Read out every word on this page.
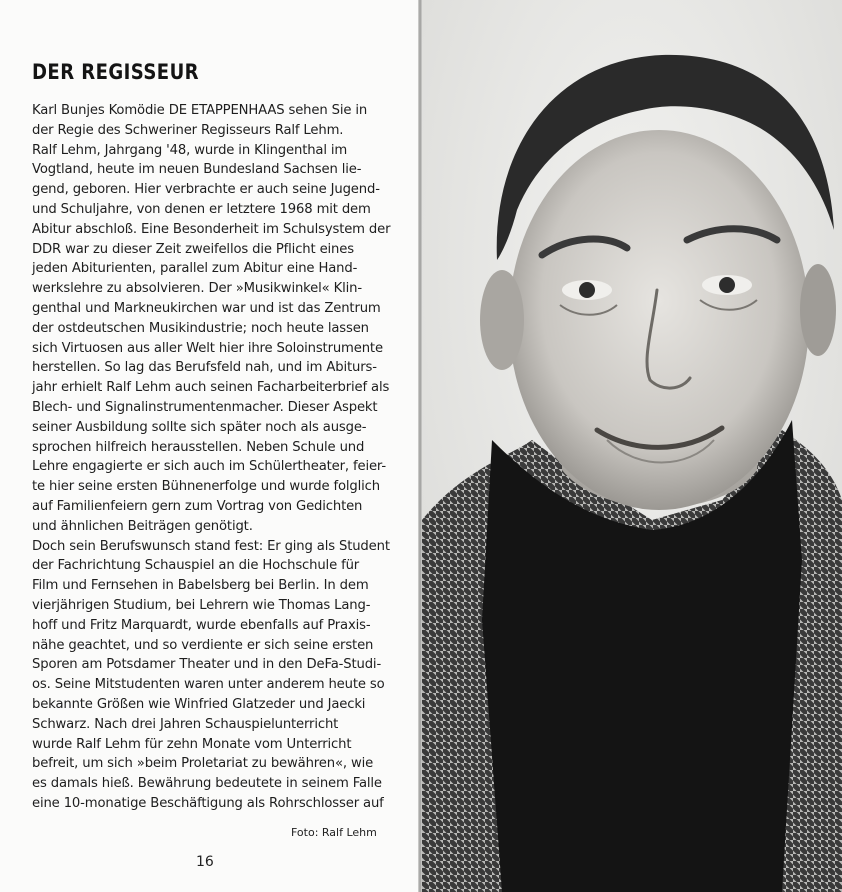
DER REGISSEUR
Karl Bunjes Komödie DE ETAPPENHAAS sehen Sie in
der Regie des Schweriner Regisseurs Ralf Lehm.
Ralf Lehm, Jahrgang '48, wurde in Klingenthal im
Vogtland, heute im neuen Bundesland Sachsen lie-
gend, geboren. Hier verbrachte er auch seine Jugend-
und Schuljahre, von denen er letztere 1968 mit dem
Abitur abschloß. Eine Besonderheit im Schulsystem der
DDR war zu dieser Zeit zweifellos die Pflicht eines
jeden Abiturienten, parallel zum Abitur eine Hand-
werkslehre zu absolvieren. Der »Musikwinkel« Klin-
genthal und Markneukirchen war und ist das Zentrum
der ostdeutschen Musikindustrie; noch heute lassen
sich Virtuosen aus aller Welt hier ihre Soloinstrumente
herstellen. So lag das Berufsfeld nah, und im Abiturs-
jahr erhielt Ralf Lehm auch seinen Facharbeiterbrief als
Blech- und Signalinstrumentenmacher. Dieser Aspekt
seiner Ausbildung sollte sich später noch als ausge-
sprochen hilfreich herausstellen. Neben Schule und
Lehre engagierte er sich auch im Schülertheater, feier-
te hier seine ersten Bühnenerfolge und wurde folglich
auf Familienfeiern gern zum Vortrag von Gedichten
und ähnlichen Beiträgen genötigt.
Doch sein Berufswunsch stand fest: Er ging als Student
der Fachrichtung Schauspiel an die Hochschule für
Film und Fernsehen in Babelsberg bei Berlin. In dem
vierjährigen Studium, bei Lehrern wie Thomas Lang-
hoff und Fritz Marquardt, wurde ebenfalls auf Praxis-
nähe geachtet, und so verdiente er sich seine ersten
Sporen am Potsdamer Theater und in den DeFa-Studi-
os. Seine Mitstudenten waren unter anderem heute so
bekannte Größen wie Winfried Glatzeder und Jaecki
Schwarz. Nach drei Jahren Schauspielunterricht
wurde Ralf Lehm für zehn Monate vom Unterricht
befreit, um sich »beim Proletariat zu bewähren«, wie
es damals hieß. Bewährung bedeutete in seinem Falle
eine 10-monatige Beschäftigung als Rohrschlosser auf
Foto: Ralf Lehm
16
